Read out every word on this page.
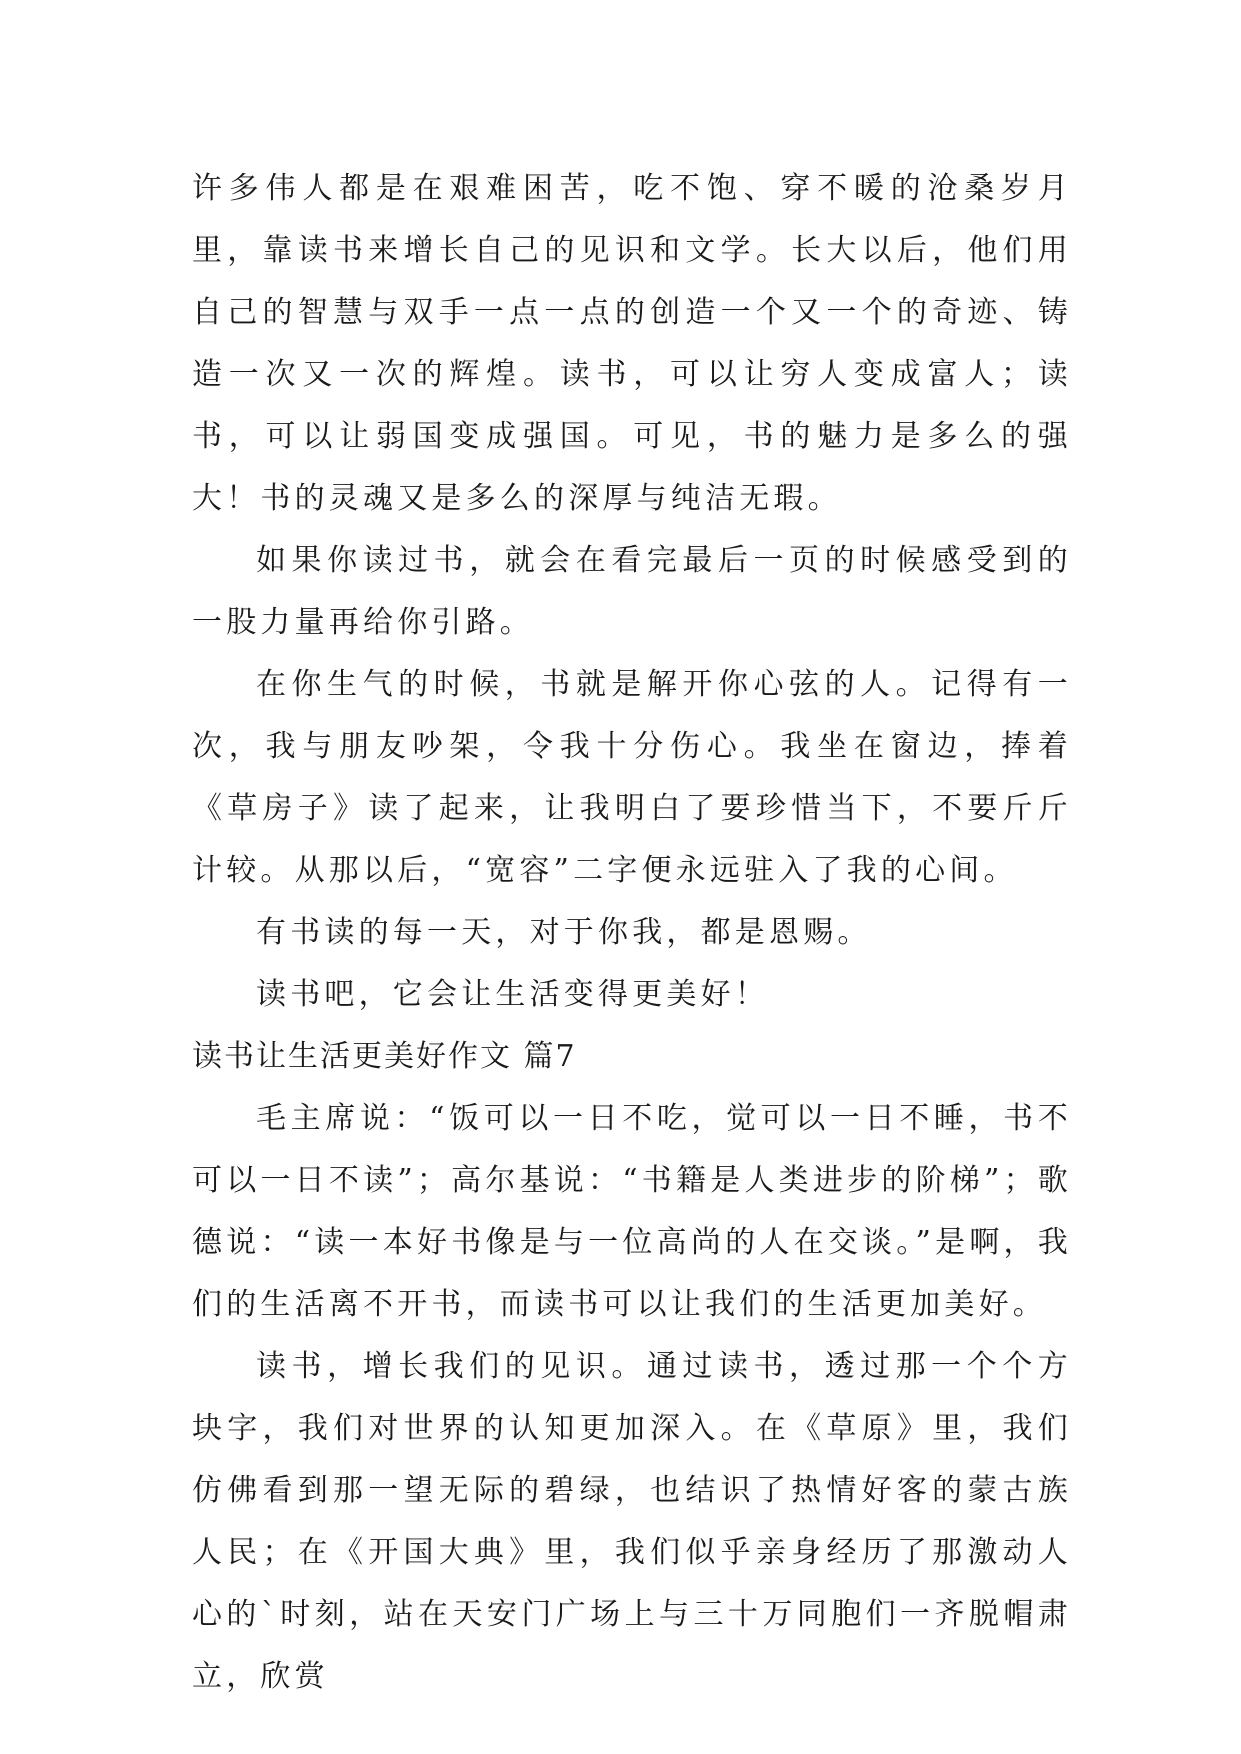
许多伟人都是在艰难困苦，吃不饱、穿不暖的沧桑岁月里，靠读书来增长自己的见识和文学。长大以后，他们用自己的智慧与双手一点一点的创造一个又一个的奇迹、铸造一次又一次的辉煌。读书，可以让穷人变成富人；读书，可以让弱国变成强国。可见，书的魅力是多么的强大！书的灵魂又是多么的深厚与纯洁无瑕。

如果你读过书，就会在看完最后一页的时候感受到的一股力量再给你引路。

在你生气的时候，书就是解开你心弦的人。记得有一次，我与朋友吵架，令我十分伤心。我坐在窗边，捧着《草房子》读了起来，让我明白了要珍惜当下，不要斤斤计较。从那以后，“宽容”二字便永远驻入了我的心间。

有书读的每一天，对于你我，都是恩赐。

读书吧，它会让生活变得更美好！

读书让生活更美好作文 篇7

毛主席说：“饭可以一日不吃，觉可以一日不睡，书不可以一日不读”；高尔基说：“书籍是人类进步的阶梯”；歌德说：“读一本好书像是与一位高尚的人在交谈。”是啊，我们的生活离不开书，而读书可以让我们的生活更加美好。

读书，增长我们的见识。通过读书，透过那一个个方块字，我们对世界的认知更加深入。在《草原》里，我们仿佛看到那一望无际的碧绿，也结识了热情好客的蒙古族人民；在《开国大典》里，我们似乎亲身经历了那激动人心的`时刻，站在天安门广场上与三十万同胞们一齐脱帽肃立，欣赏
